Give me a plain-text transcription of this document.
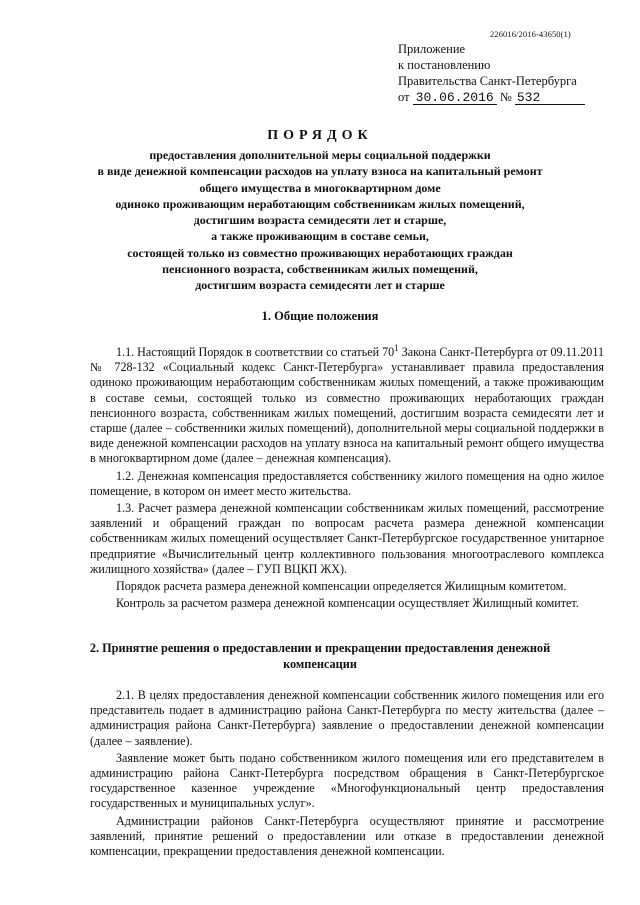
226016/2016-43650(1)
Приложение
к постановлению
Правительства Санкт-Петербурга
от 30.06.2016 № 532
ПОРЯДОК
предоставления дополнительной меры социальной поддержки
в виде денежной компенсации расходов на уплату взноса на капитальный ремонт
общего имущества в многоквартирном доме
одиноко проживающим неработающим собственникам жилых помещений,
достигшим возраста семидесяти лет и старше,
а также проживающим в составе семьи,
состоящей только из совместно проживающих неработающих граждан
пенсионного возраста, собственникам жилых помещений,
достигшим возраста семидесяти лет и старше
1. Общие положения

1.1. Настоящий Порядок в соответствии со статьей $70^1$ Закона Санкт-Петербурга от 09.11.2011 № 728-132 «Социальный кодекс Санкт-Петербурга» устанавливает правила предоставления одиноко проживающим неработающим собственникам жилых помещений, а также проживающим в составе семьи, состоящей только из совместно проживающих неработающих граждан пенсионного возраста, собственникам жилых помещений, достигшим возраста семидесяти лет и старше (далее – собственники жилых помещений), дополнительной меры социальной поддержки в виде денежной компенсации расходов на уплату взноса на капитальный ремонт общего имущества в многоквартирном доме (далее – денежная компенсация).

1.2. Денежная компенсация предоставляется собственнику жилого помещения на одно жилое помещение, в котором он имеет место жительства.

1.3. Расчет размера денежной компенсации собственникам жилых помещений, рассмотрение заявлений и обращений граждан по вопросам расчета размера денежной компенсации собственникам жилых помещений осуществляет Санкт-Петербургское государственное унитарное предприятие «Вычислительный центр коллективного пользования многоотраслевого комплекса жилищного хозяйства» (далее – ГУП ВЦКП ЖХ).

Порядок расчета размера денежной компенсации определяется Жилищным комитетом.

Контроль за расчетом размера денежной компенсации осуществляет Жилищный комитет.

2. Принятие решения о предоставлении и прекращении предоставления денежной компенсации

2.1. В целях предоставления денежной компенсации собственник жилого помещения или его представитель подает в администрацию района Санкт-Петербурга по месту жительства (далее – администрация района Санкт-Петербурга) заявление о предоставлении денежной компенсации (далее – заявление).

Заявление может быть подано собственником жилого помещения или его представителем в администрацию района Санкт-Петербурга посредством обращения в Санкт-Петербургское государственное казенное учреждение «Многофункциональный центр предоставления государственных и муниципальных услуг».

Администрации районов Санкт-Петербурга осуществляют принятие и рассмотрение заявлений, принятие решений о предоставлении или отказе в предоставлении денежной компенсации, прекращении предоставления денежной компенсации.
